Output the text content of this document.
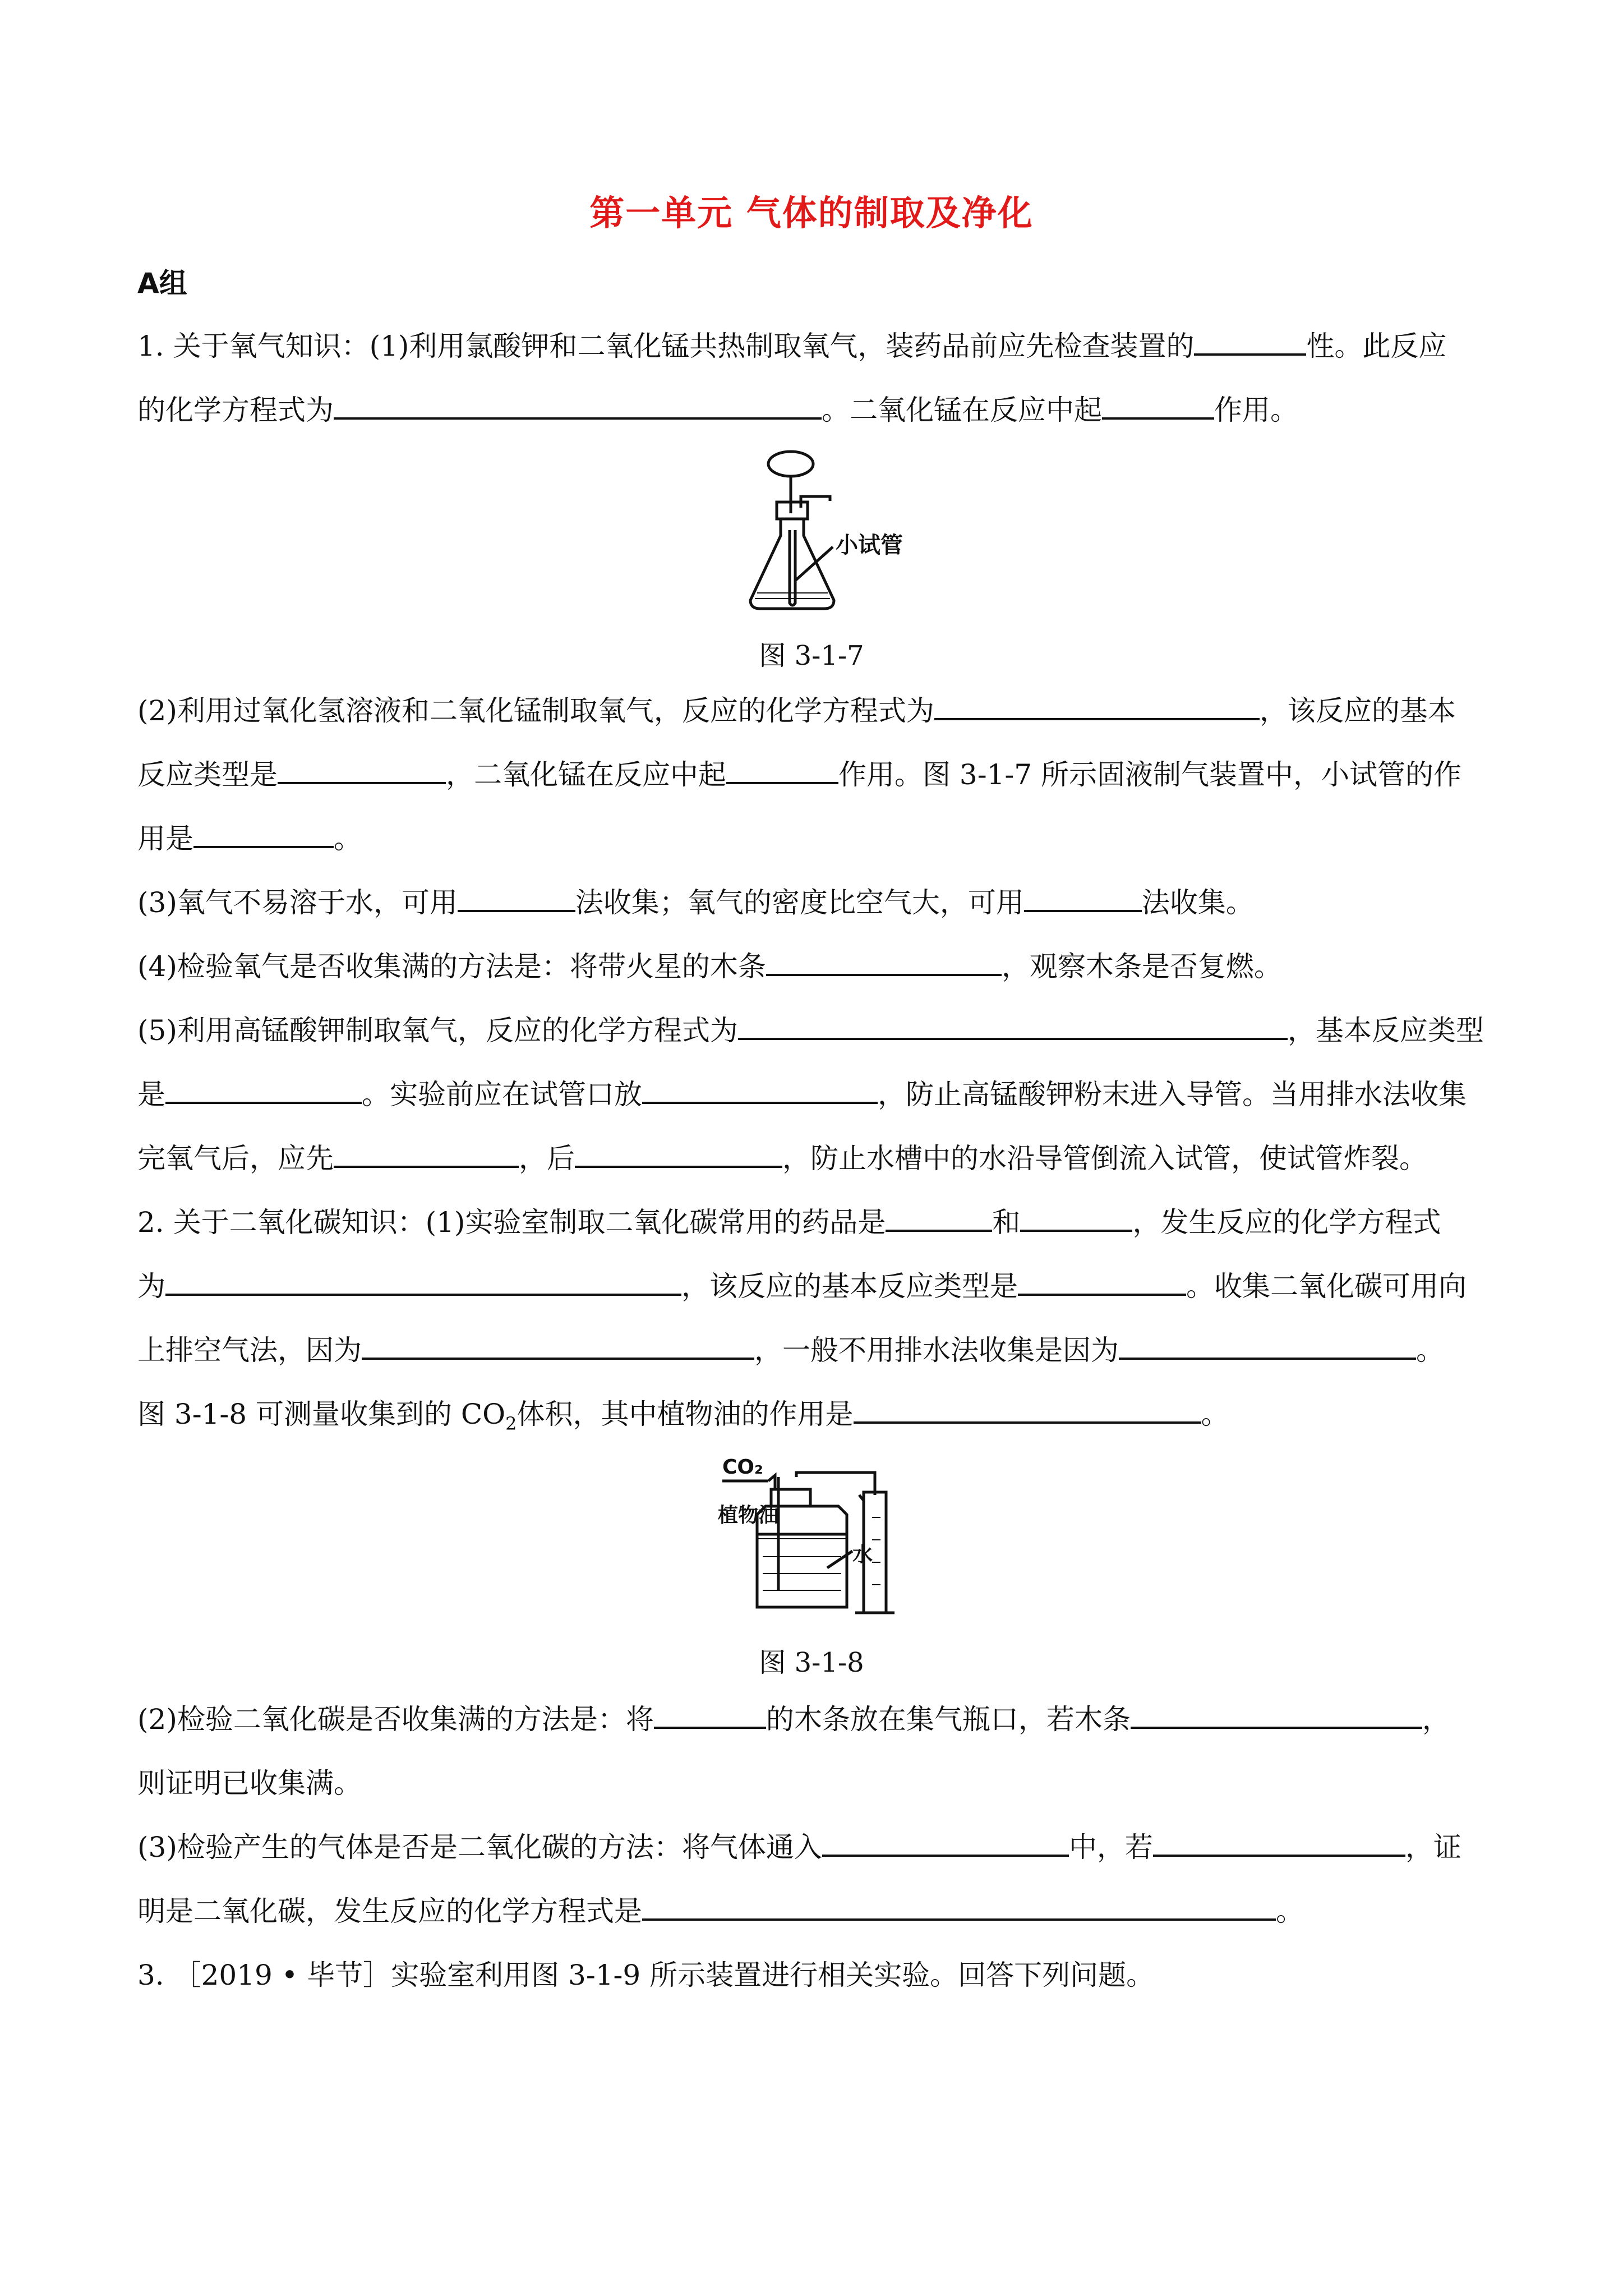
第一单元 气体的制取及净化
A组
1. 关于氧气知识：(1)利用氯酸钾和二氧化锰共热制取氧气，装药品前应先检查装置的	性。此反应
的化学方程式为	。二氧化锰在反应中起	作用。
小试管
图 3-1-7
(2)利用过氧化氢溶液和二氧化锰制取氧气，反应的化学方程式为	，该反应的基本
反应类型是	，二氧化锰在反应中起	作用。图 3-1-7 所示固液制气装置中，小试管的作
用是	。
(3)氧气不易溶于水，可用	法收集；氧气的密度比空气大，可用	法收集。
(4)检验氧气是否收集满的方法是：将带火星的木条	，观察木条是否复燃。
(5)利用高锰酸钾制取氧气，反应的化学方程式为	，基本反应类型
是	。实验前应在试管口放	，防止高锰酸钾粉末进入导管。当用排水法收集
完氧气后，应先	，后	，防止水槽中的水沿导管倒流入试管，使试管炸裂。
2. 关于二氧化碳知识：(1)实验室制取二氧化碳常用的药品是	和	，发生反应的化学方程式
为	，该反应的基本反应类型是	。收集二氧化碳可用向
上排空气法，因为	，一般不用排水法收集是因为	。
图 3-1-8 可测量收集到的 $CO_2$体积，其中植物油的作用是	。
CO₂
植物油
水
图 3-1-8
(2)检验二氧化碳是否收集满的方法是：将	的木条放在集气瓶口，若木条	，
则证明已收集满。
(3)检验产生的气体是否是二氧化碳的方法：将气体通入	中，若	，证
明是二氧化碳，发生反应的化学方程式是	。
3. ［2019 • 毕节］实验室利用图 3-1-9 所示装置进行相关实验。回答下列问题。
